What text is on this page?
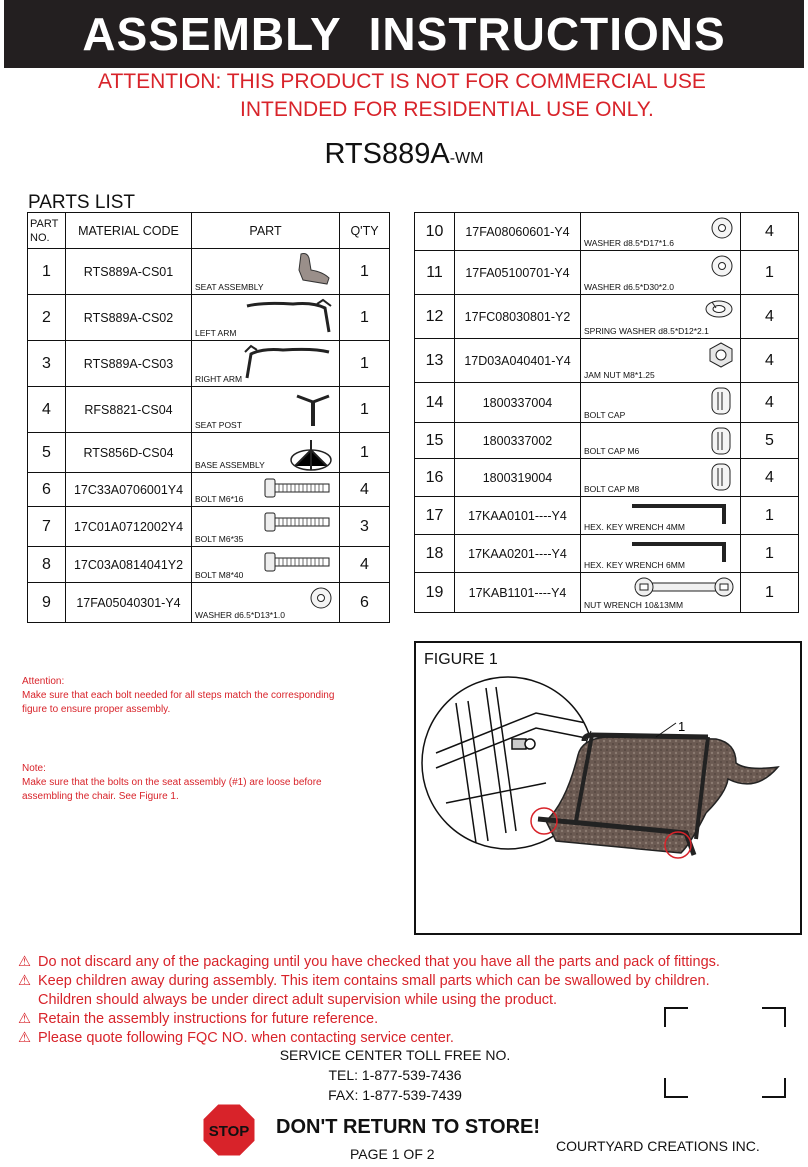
ASSEMBLY INSTRUCTIONS
ATTENTION: THIS PRODUCT IS NOT FOR COMMERCIAL USE
INTENDED FOR RESIDENTIAL USE ONLY.
RTS889A-WM
PARTS LIST
PART
NO.	MATERIAL CODE	PART	Q'TY
1	RTS889A-CS01	SEAT ASSEMBLY	1
2	RTS889A-CS02	LEFT ARM	1
3	RTS889A-CS03	RIGHT ARM	1
4	RFS8821-CS04	SEAT POST	1
5	RTS856D-CS04	BASE ASSEMBLY	1
6	17C33A0706001Y4	BOLT M6*16	4
7	17C01A0712002Y4	BOLT M6*35	3
8	17C03A0814041Y2	BOLT M8*40	4
9	17FA05040301-Y4	WASHER d6.5*D13*1.0	6
10	17FA08060601-Y4	WASHER d8.5*D17*1.6	4
11	17FA05100701-Y4	WASHER d6.5*D30*2.0	1
12	17FC08030801-Y2	SPRING WASHER d8.5*D12*2.1	4
13	17D03A040401-Y4	JAM NUT M8*1.25	4
14	1800337004	BOLT CAP	4
15	1800337002	BOLT CAP M6	5
16	1800319004	BOLT CAP M8	4
17	17KAA0101----Y4	HEX. KEY WRENCH 4MM	1
18	17KAA0201----Y4	HEX. KEY WRENCH 6MM	1
19	17KAB1101----Y4	NUT WRENCH 10&13MM	1
Attention:
Make sure that each bolt needed for all steps match the corresponding
figure to ensure proper assembly.
Note:
Make sure that the bolts on the seat assembly (#1) are loose before
assembling the chair. See Figure 1.
FIGURE 1
1
⚠ Do not discard any of the packaging until you have checked that you have all the parts and pack of fittings.
⚠ Keep children away during assembly. This item contains small parts which can be swallowed by children.
Children should always be under direct adult supervision while using the product.
⚠ Retain the assembly instructions for future reference.
⚠ Please quote following FQC NO. when contacting service center.
SERVICE CENTER TOLL FREE NO.
TEL: 1-877-539-7436
FAX: 1-877-539-7439
STOP DON'T RETURN TO STORE!
COURTYARD CREATIONS INC.
PAGE 1 OF 2
